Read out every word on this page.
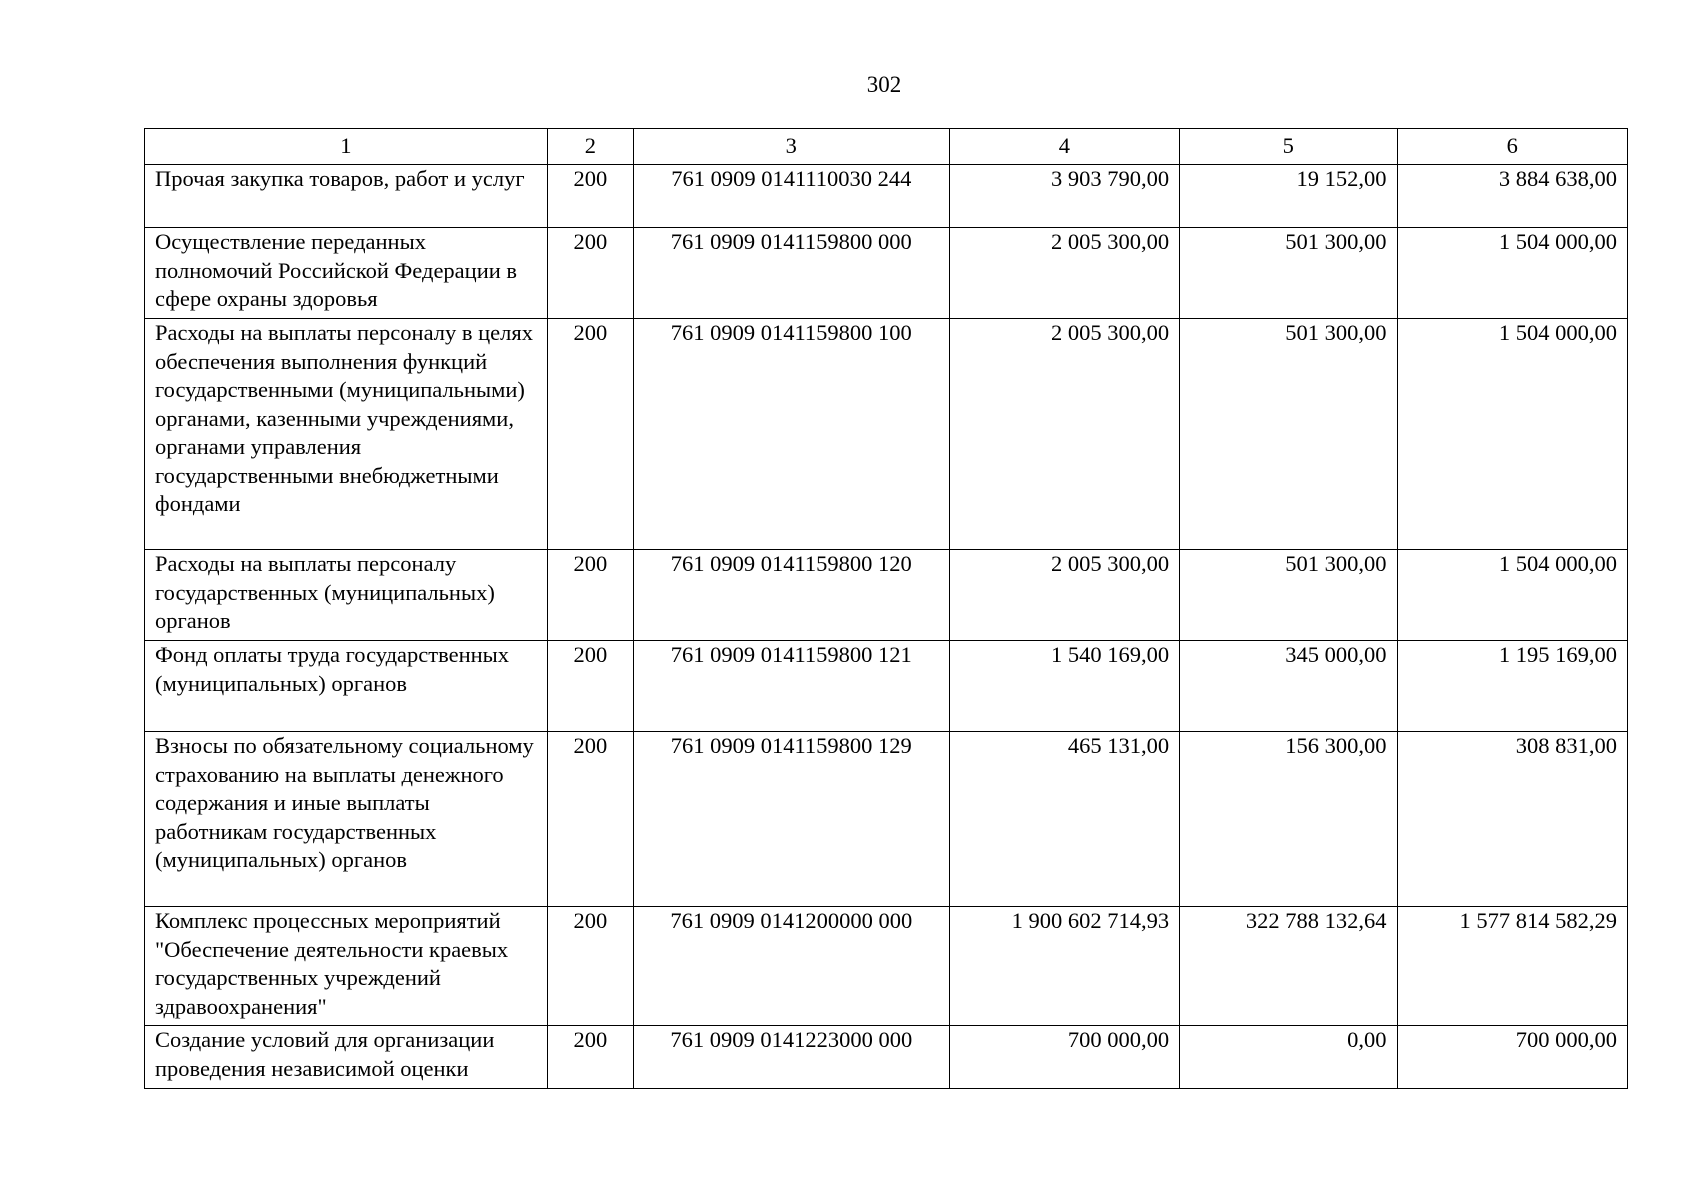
302
1	2	3	4	5	6
Прочая закупка товаров, работ и услуг	200	761 0909 0141110030 244	3 903 790,00	19 152,00	3 884 638,00
Осуществление переданных полномочий Российской Федерации в сфере охраны здоровья	200	761 0909 0141159800 000	2 005 300,00	501 300,00	1 504 000,00
Расходы на выплаты персоналу в целях обеспечения выполнения функций государственными (муниципальными) органами, казенными учреждениями, органами управления государственными внебюджетными фондами	200	761 0909 0141159800 100	2 005 300,00	501 300,00	1 504 000,00
Расходы на выплаты персоналу государственных (муниципальных) органов	200	761 0909 0141159800 120	2 005 300,00	501 300,00	1 504 000,00
Фонд оплаты труда государственных (муниципальных) органов	200	761 0909 0141159800 121	1 540 169,00	345 000,00	1 195 169,00
Взносы по обязательному социальному страхованию на выплаты денежного содержания и иные выплаты работникам государственных (муниципальных) органов	200	761 0909 0141159800 129	465 131,00	156 300,00	308 831,00
Комплекс процессных мероприятий "Обеспечение деятельности краевых государственных учреждений здравоохранения"	200	761 0909 0141200000 000	1 900 602 714,93	322 788 132,64	1 577 814 582,29
Создание условий для организации проведения независимой оценки	200	761 0909 0141223000 000	700 000,00	0,00	700 000,00
